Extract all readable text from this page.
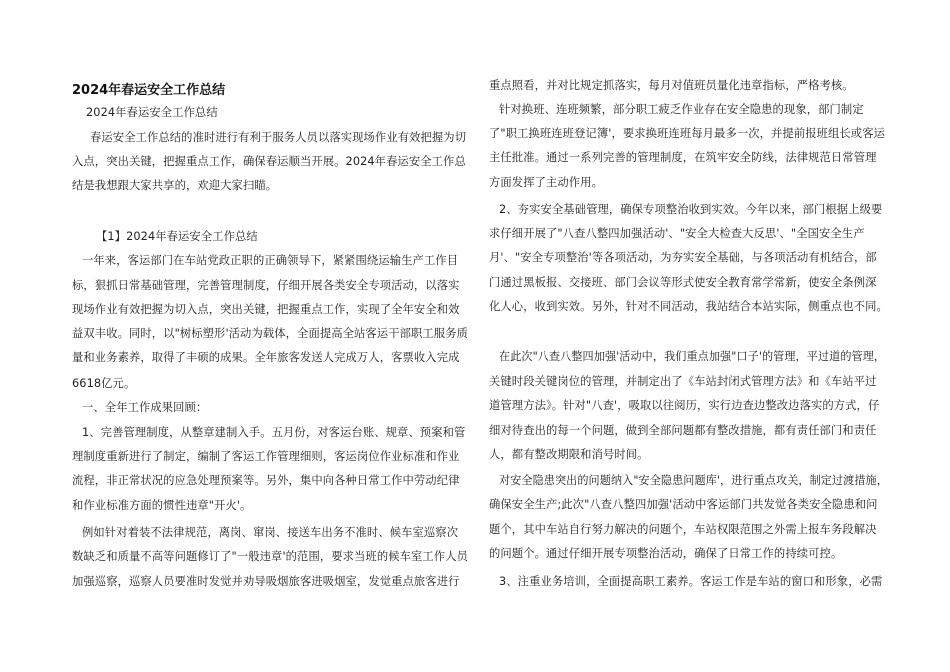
2024年春运安全工作总结
2024年春运安全工作总结
春运安全工作总结的准时进行有利于服务人员以落实现场作业有效把握为切
入点，突出关键，把握重点工作，确保春运顺当开展。2024年春运安全工作总
结是我想跟大家共享的，欢迎大家扫瞄。
【1】2024年春运安全工作总结
一年来，客运部门在车站党政正职的正确领导下，紧紧围绕运输生产工作目
标，狠抓日常基础管理，完善管理制度，仔细开展各类安全专项活动，以落实
现场作业有效把握为切入点，突出关键，把握重点工作，实现了全年安全和效
益双丰收。同时，以"树标塑形'活动为载体，全面提高全站客运干部职工服务质
量和业务素养，取得了丰硕的成果。全年旅客发送人完成万人，客票收入完成
6618亿元。
一、全年工作成果回顾：
1、完善管理制度，从整章建制入手。五月份，对客运台账、规章、预案和管
理制度重新进行了制定，编制了客运工作管理细则，客运岗位作业标准和作业
流程，非正常状况的应急处理预案等。另外，集中向各种日常工作中劳动纪律
和作业标准方面的惯性违章"开火'。
例如针对着装不法律规范，离岗、窜岗、接送车出务不准时、候车室巡察次
数缺乏和质量不高等问题修订了"一般违章'的范围，要求当班的候车室工作人员
加强巡察，巡察人员要准时发觉并劝导吸烟旅客进吸烟室，发觉重点旅客进行
重点照看，并对比规定抓落实，每月对值班员量化违章指标，严格考核。
针对换班、连班频繁，部分职工疲乏作业存在安全隐患的现象，部门制定
了"职工换班连班登记簿'，要求换班连班每月最多一次，并提前报班组长或客运
主任批准。通过一系列完善的管理制度，在筑牢安全防线，法律规范日常管理
方面发挥了主动作用。
2、夯实安全基础管理，确保专项整治收到实效。今年以来，部门根据上级要
求仔细开展了"八查八整四加强活动'、"安全大检查大反思'、"全国安全生产
月'、"安全专项整治'等各项活动，为夯实安全基础，与各项活动有机结合，部
门通过黑板报、交接班、部门会议等形式使安全教育常学常新，使安全条例深
化人心，收到实效。另外，针对不同活动，我站结合本站实际，侧重点也不同。
在此次"八查八整四加强'活动中，我们重点加强"口子'的管理，平过道的管理，
关键时段关键岗位的管理，并制定出了《车站封闭式管理方法》和《车站平过
道管理方法》。针对"八查'，吸取以往阅历，实行边查边整改边落实的方式，仔
细对待查出的每一个问题，做到全部问题都有整改措施，都有责任部门和责任
人，都有整改期限和消号时间。
对安全隐患突出的问题纳入"安全隐患问题库'，进行重点攻关，制定过渡措施，
确保安全生产;此次"八查八整四加强'活动中客运部门共发觉各类安全隐患和问
题个，其中车站自行努力解决的问题个，车站权限范围之外需上报车务段解决
的问题个。通过仔细开展专项整治活动，确保了日常工作的持续可控。
3、注重业务培训，全面提高职工素养。客运工作是车站的窗口和形象，必需
